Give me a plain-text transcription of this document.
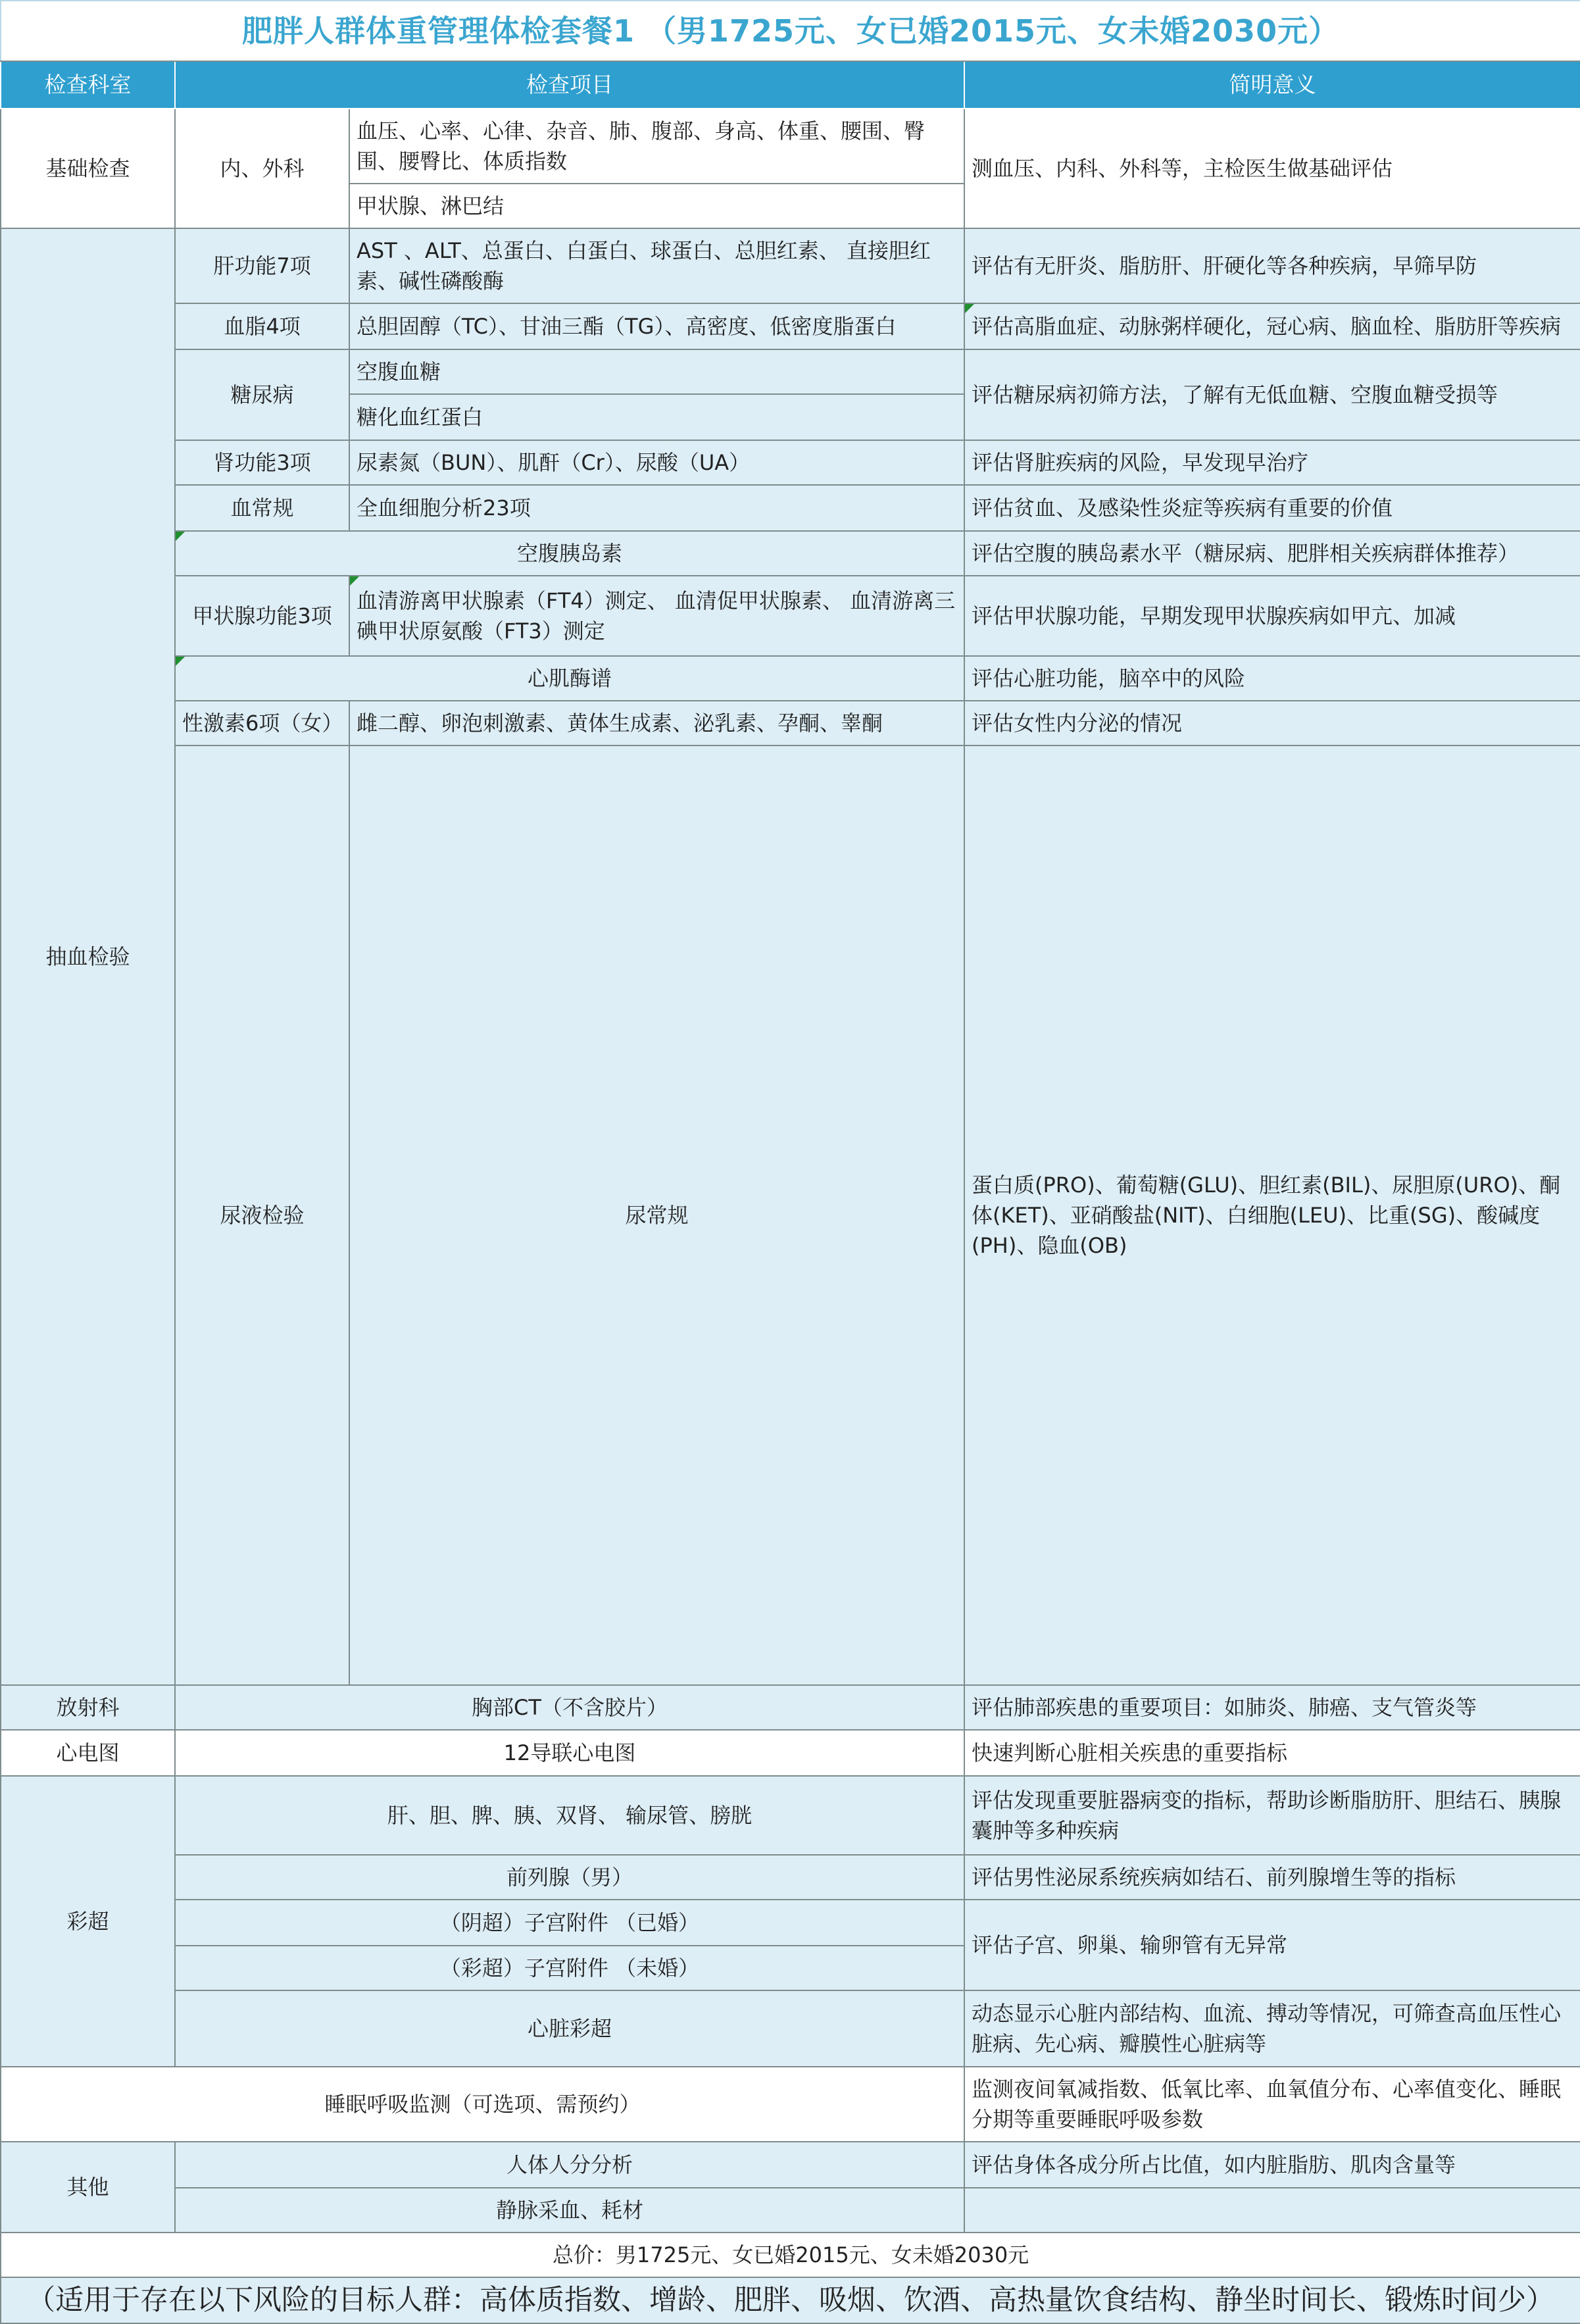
肥胖人群体重管理体检套餐1 （男1725元、女已婚2015元、女未婚2030元）				
检查科室	检查项目		简明意义	
基础检查	内、外科	血压、心率、心律、杂音、肺、腹部、身高、体重、腰围、臀围、腰臀比、体质指数	测血压、内科、外科等，主检医生做基础评估	
		甲状腺、淋巴结		
抽血检验	肝功能7项	AST 、ALT、总蛋白、白蛋白、球蛋白、总胆红素、 直接胆红素、碱性磷酸酶	评估有无肝炎、脂肪肝、肝硬化等各种疾病，早筛早防	
	血脂4项	总胆固醇（TC）、甘油三酯（TG）、高密度、低密度脂蛋白	评估高脂血症、动脉粥样硬化，冠心病、脑血栓、脂肪肝等疾病	
	糖尿病	空腹血糖	评估糖尿病初筛方法，了解有无低血糖、空腹血糖受损等	
		糖化血红蛋白		
	肾功能3项	尿素氮（BUN）、肌酐（Cr）、尿酸（UA）	评估肾脏疾病的风险，早发现早治疗	
	血常规	全血细胞分析23项	评估贫血、及感染性炎症等疾病有重要的价值	
	空腹胰岛素		评估空腹的胰岛素水平（糖尿病、肥胖相关疾病群体推荐）	
	甲状腺功能3项	血清游离甲状腺素（FT4）测定、 血清促甲状腺素、 血清游离三碘甲状原氨酸（FT3）测定	评估甲状腺功能，早期发现甲状腺疾病如甲亢、加减	
	心肌酶谱		评估心脏功能，脑卒中的风险	
	性激素6项（女）	雌二醇、卵泡刺激素、黄体生成素、泌乳素、孕酮、睾酮	评估女性内分泌的情况	
	尿液检验	尿常规	蛋白质(PRO)、葡萄糖(GLU)、胆红素(BIL)、尿胆原(URO)、酮体(KET)、亚硝酸盐(NIT)、白细胞(LEU)、比重(SG)、酸碱度(PH)、隐血(OB)	
放射科	胸部CT（不含胶片）		评估肺部疾患的重要项目：如肺炎、肺癌、支气管炎等	
心电图	12导联心电图		快速判断心脏相关疾患的重要指标	
彩超	肝、胆、脾、胰、双肾、 输尿管、膀胱		评估发现重要脏器病变的指标，帮助诊断脂肪肝、胆结石、胰腺囊肿等多种疾病	
	前列腺（男）		评估男性泌尿系统疾病如结石、前列腺增生等的指标	
	（阴超）子宫附件 （已婚）		评估子宫、卵巢、输卵管有无异常	
	（彩超）子宫附件 （未婚）			
	心脏彩超		动态显示心脏内部结构、血流、搏动等情况，可筛查高血压性心脏病、先心病、瓣膜性心脏病等	
睡眠呼吸监测（可选项、需预约）			监测夜间氧减指数、低氧比率、血氧值分布、心率值变化、睡眠分期等重要睡眠呼吸参数	
其他	人体人分分析		评估身体各成分所占比值，如内脏脂肪、肌肉含量等	
	静脉采血、耗材			
总价：男1725元、女已婚2015元、女未婚2030元				
（适用于存在以下风险的目标人群：高体质指数、增龄、肥胖、吸烟、饮酒、高热量饮食结构、静坐时间长、锻炼时间少）				
